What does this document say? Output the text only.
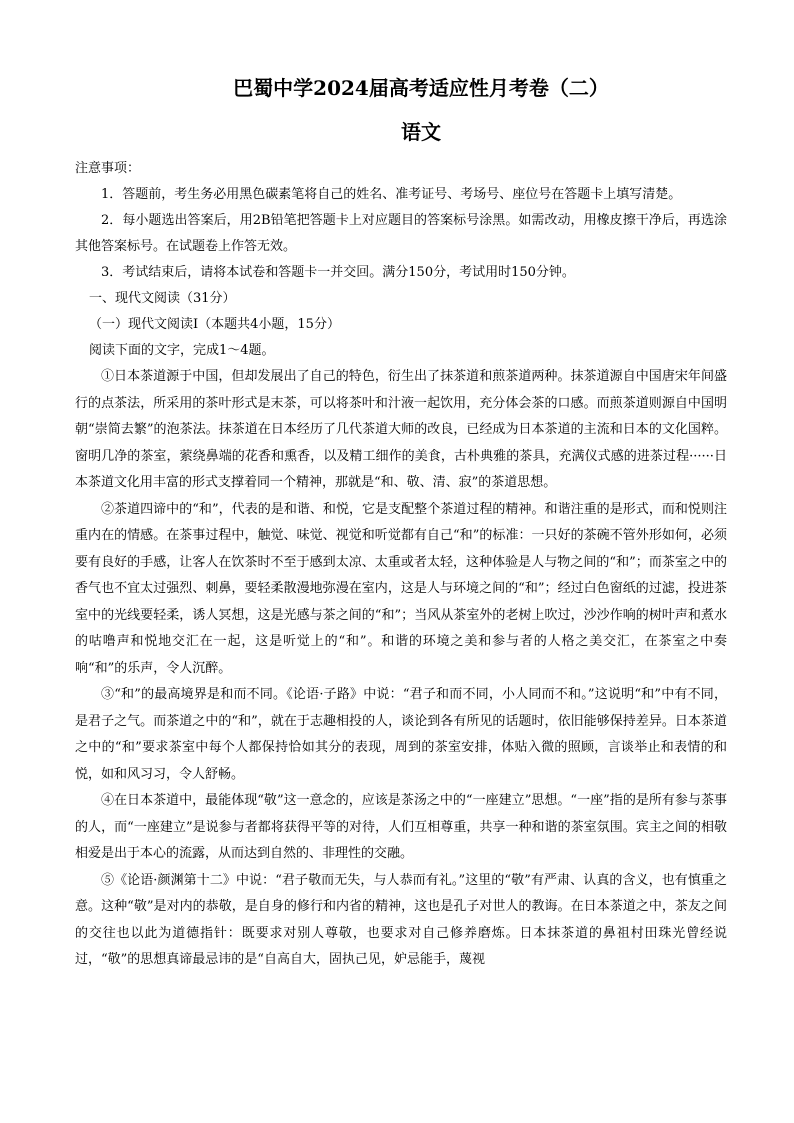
巴蜀中学2024届高考适应性月考卷（二）
语文

注意事项：

1．答题前，考生务必用黑色碳素笔将自己的姓名、准考证号、考场号、座位号在答题卡上填写清楚。

2．每小题选出答案后，用2B铅笔把答题卡上对应题目的答案标号涂黑。如需改动，用橡皮擦干净后，再选涂其他答案标号。在试题卷上作答无效。

3．考试结束后，请将本试卷和答题卡一并交回。满分150分，考试用时150分钟。

一、现代文阅读（31分）

（一）现代文阅读Ⅰ（本题共4小题，15分）

阅读下面的文字，完成1～4题。

①日本茶道源于中国，但却发展出了自己的特色，衍生出了抹茶道和煎茶道两种。抹茶道源自中国唐宋年间盛行的点茶法，所采用的茶叶形式是末茶，可以将茶叶和汁液一起饮用，充分体会茶的口感。而煎茶道则源自中国明朝“崇简去繁”的泡茶法。抹茶道在日本经历了几代茶道大师的改良，已经成为日本茶道的主流和日本的文化国粹。窗明几净的茶室，萦绕鼻端的花香和熏香，以及精工细作的美食，古朴典雅的茶具，充满仪式感的进茶过程······日本茶道文化用丰富的形式支撑着同一个精神，那就是“和、敬、清、寂”的茶道思想。

②茶道四谛中的“和”，代表的是和谐、和悦，它是支配整个茶道过程的精神。和谐注重的是形式，而和悦则注重内在的情感。在茶事过程中，触觉、味觉、视觉和听觉都有自己“和”的标准：一只好的茶碗不管外形如何，必须要有良好的手感，让客人在饮茶时不至于感到太凉、太重或者太轻，这种体验是人与物之间的“和”；而茶室之中的香气也不宜太过强烈、刺鼻，要轻柔散漫地弥漫在室内，这是人与环境之间的“和”；经过白色窗纸的过滤，投进茶室中的光线要轻柔，诱人冥想，这是光感与茶之间的“和”；当风从茶室外的老树上吹过，沙沙作响的树叶声和煮水的咕噜声和悦地交汇在一起，这是听觉上的“和”。和谐的环境之美和参与者的人格之美交汇，在茶室之中奏响“和”的乐声，令人沉醉。

③“和”的最高境界是和而不同。《论语·子路》中说：“君子和而不同，小人同而不和。”这说明“和”中有不同，是君子之气。而茶道之中的“和”，就在于志趣相投的人，谈论到各有所见的话题时，依旧能够保持差异。日本茶道之中的“和”要求茶室中每个人都保持恰如其分的表现，周到的茶室安排，体贴入微的照顾，言谈举止和表情的和悦，如和风习习，令人舒畅。

④在日本茶道中，最能体现“敬”这一意念的，应该是茶汤之中的“一座建立”思想。“一座”指的是所有参与茶事的人，而“一座建立”是说参与者都将获得平等的对待，人们互相尊重，共享一种和谐的茶室氛围。宾主之间的相敬相爱是出于本心的流露，从而达到自然的、非理性的交融。

⑤《论语·颜渊第十二》中说：“君子敬而无失，与人恭而有礼。”这里的“敬”有严肃、认真的含义，也有慎重之意。这种“敬”是对内的恭敬，是自身的修行和内省的精神，这也是孔子对世人的教诲。在日本茶道之中，茶友之间的交往也以此为道德指针：既要求对别人尊敬，也要求对自己修养磨炼。日本抹茶道的鼻祖村田珠光曾经说过，“敬”的思想真谛最忌讳的是“自高自大，固执己见，妒忌能手，蔑视
